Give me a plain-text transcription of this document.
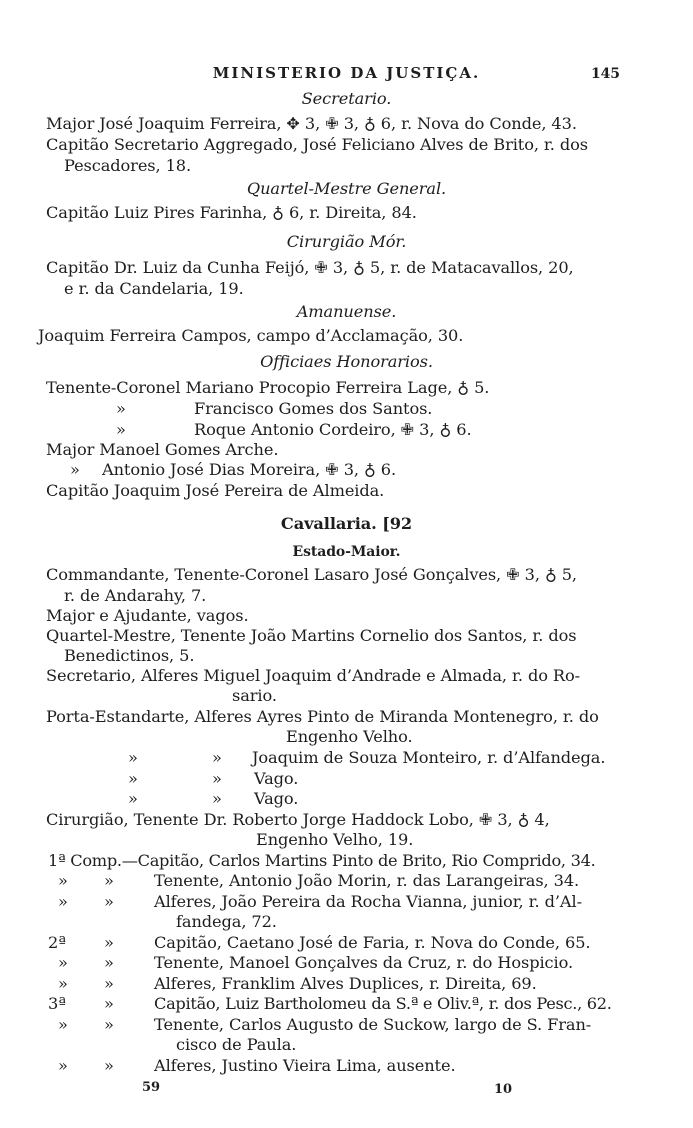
MINISTERIO DA JUSTIÇA.	145
Secretario.
Major José Joaquim Ferreira, ✥ 3, ✙ 3, ♁ 6, r. Nova do Conde, 43.
Capitão Secretario Aggregado, José Feliciano Alves de Brito, r. dos
Pescadores, 18.
Quartel-Mestre General.
Capitão Luiz Pires Farinha, ♁ 6, r. Direita, 84.
Cirurgião Mór.
Capitão Dr. Luiz da Cunha Feijó, ✙ 3, ♁ 5, r. de Matacavallos, 20,
e r. da Candelaria, 19.
Amanuense.
Joaquim Ferreira Campos, campo d’Acclamação, 30.
Officiaes Honorarios.
Tenente-Coronel Mariano Procopio Ferreira Lage, ♁ 5.
»	Francisco Gomes dos Santos.
»	Roque Antonio Cordeiro, ✙ 3, ♁ 6.
Major Manoel Gomes Arche.
» Antonio José Dias Moreira, ✙ 3, ♁ 6.
Capitão Joaquim José Pereira de Almeida.
Cavallaria. [92
Estado-Maior.
Commandante, Tenente-Coronel Lasaro José Gonçalves, ✙ 3, ♁ 5,
r. de Andarahy, 7.
Major e Ajudante, vagos.
Quartel-Mestre, Tenente João Martins Cornelio dos Santos, r. dos
Benedictinos, 5.
Secretario, Alferes Miguel Joaquim d’Andrade e Almada, r. do Ro-
sario.
Porta-Estandarte, Alferes Ayres Pinto de Miranda Montenegro, r. do
Engenho Velho.
»	» Joaquim de Souza Monteiro, r. d’Alfandega.
»	» Vago.
»	» Vago.
Cirurgião, Tenente Dr. Roberto Jorge Haddock Lobo, ✙ 3, ♁ 4,
Engenho Velho, 19.
1ª Comp.—Capitão, Carlos Martins Pinto de Brito, Rio Comprido, 34.
» » Tenente, Antonio João Morin, r. das Larangeiras, 34.
» » Alferes, João Pereira da Rocha Vianna, junior, r. d’Al-
fandega, 72.
2ª » Capitão, Caetano José de Faria, r. Nova do Conde, 65.
» » Tenente, Manoel Gonçalves da Cruz, r. do Hospicio.
» » Alferes, Franklim Alves Duplices, r. Direita, 69.
3ª » Capitão, Luiz Bartholomeu da S.ª e Oliv.ª, r. dos Pesc., 62.
» » Tenente, Carlos Augusto de Suckow, largo de S. Fran-
cisco de Paula.
» » Alferes, Justino Vieira Lima, ausente.
59	10
